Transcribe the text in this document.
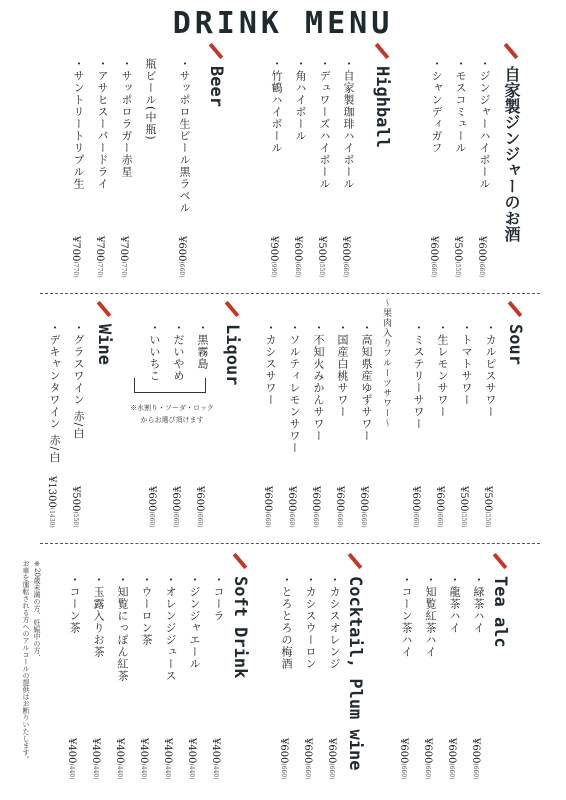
DRINK MENU
自家製ジンジャーのお酒
Highball
Beer
Sour
Liqour
Wine
Tea alc
Cocktail, Plum wine
Soft Drink
・ジンジャーハイボール
・モスコミュール
・シャンディガフ
・自家製珈琲ハイボール
・デュワーズハイボール
・角ハイボール
・竹鶴ハイボール
・サッポロ生ビール黒ラベル
瓶ビール(中瓶)
・サッポロラガー赤星
・アサヒスーパードライ
・サントリートリプル生
・カルピスサワー
・トマトサワー
・生レモンサワー
・ミステリーサワー
〜果肉入りフルーツサワー〜
・高知県産ゆずサワー
・国産白桃サワー
・不知火みかんサワー
・ソルティレモンサワー
・カシスサワー
・黒霧島
・だいやめ
・いいちこ
※水割り・ソーダ・ロック
からお選び頂けます
・グラスワイン 赤/白
・デキャンタワイン 赤/白
・緑茶ハイ
・龍茶ハイ
・知覧紅茶ハイ
・コーン茶ハイ
・カシスオレンジ
・カシスウーロン
・とろとろの梅酒
・コーラ
・ジンジャエール
・オレンジジュース
・ウーロン茶
・知覧にっぽん紅茶
・玉露入りお茶
・コーン茶
※20歳未満の方、妊娠中の方、
お車を運転される方へのアルコールの提供はお断りいたします。
¥600(660)
¥500(550)
¥600(660)
¥600(660)
¥500(550)
¥600(660)
¥900(990)
¥600(660)
¥700(770)
¥700(770)
¥700(770)
¥500(550)
¥500(550)
¥600(660)
¥600(660)
¥600(660)
¥600(660)
¥600(660)
¥600(660)
¥600(660)
¥600(660)
¥600(660)
¥600(660)
¥500(550)
¥1300(1430)
¥600(660)
¥600(660)
¥600(660)
¥600(660)
¥600(660)
¥600(660)
¥600(660)
¥400(440)
¥400(440)
¥400(440)
¥400(440)
¥400(440)
¥400(440)
¥400(440)
